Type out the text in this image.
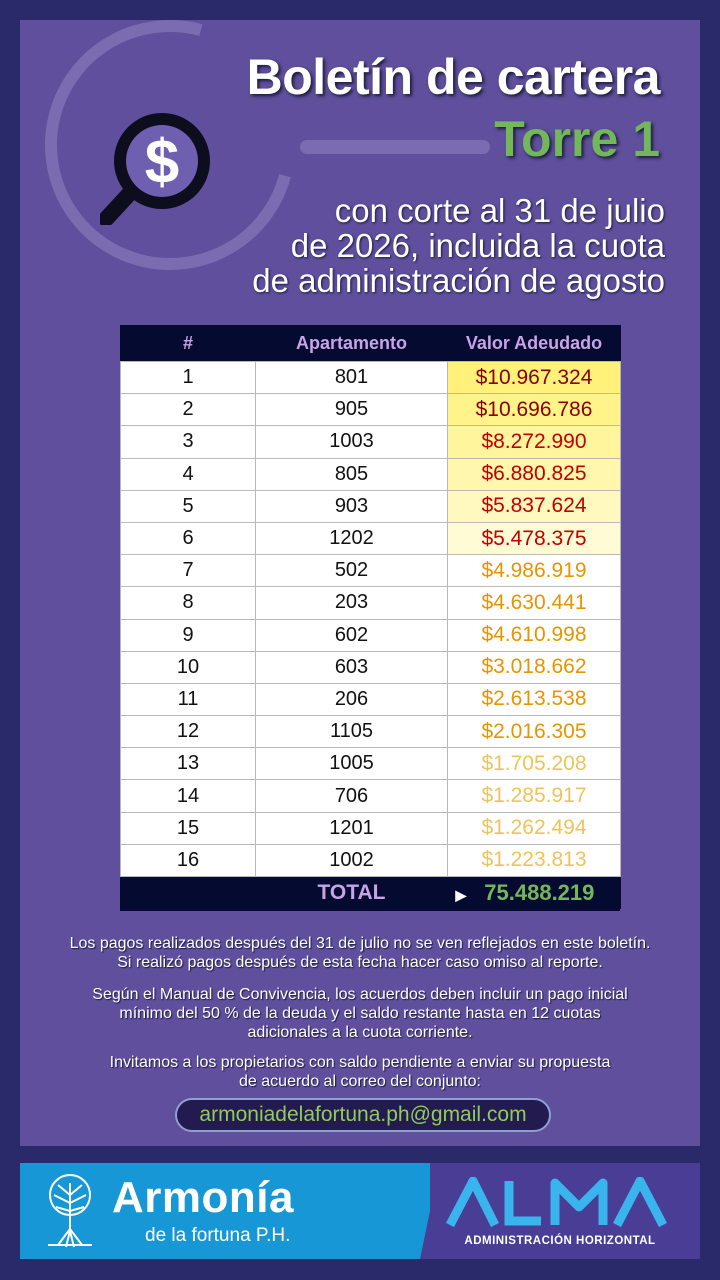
$
Boletín de cartera
Torre 1

con corte al 31 de julio
de 2026, incluida la cuota
de administración de agosto

#	Apartamento	Valor Adeudado
1	801	$10.967.324
2	905	$10.696.786
3	1003	$8.272.990
4	805	$6.880.825
5	903	$5.837.624
6	1202	$5.478.375
7	502	$4.986.919
8	203	$4.630.441
9	602	$4.610.998
10	603	$3.018.662
11	206	$2.613.538
12	1105	$2.016.305
13	1005	$1.705.208
14	706	$1.285.917
15	1201	$1.262.494
16	1002	$1.223.813
	TOTAL	▶ 75.488.219

Los pagos realizados después del 31 de julio no se ven reflejados en este boletín.
Si realizó pagos después de esta fecha hacer caso omiso al reporte.

Según el Manual de Convivencia, los acuerdos deben incluir un pago inicial
mínimo del 50 % de la deuda y el saldo restante hasta en 12 cuotas
adicionales a la cuota corriente.

Invitamos a los propietarios con saldo pendiente a enviar su propuesta
de acuerdo al correo del conjunto:

armoniadelafortuna.ph@gmail.com

Armonía

de la fortuna P.H.	ADMINISTRACIÓN HORIZONTAL
